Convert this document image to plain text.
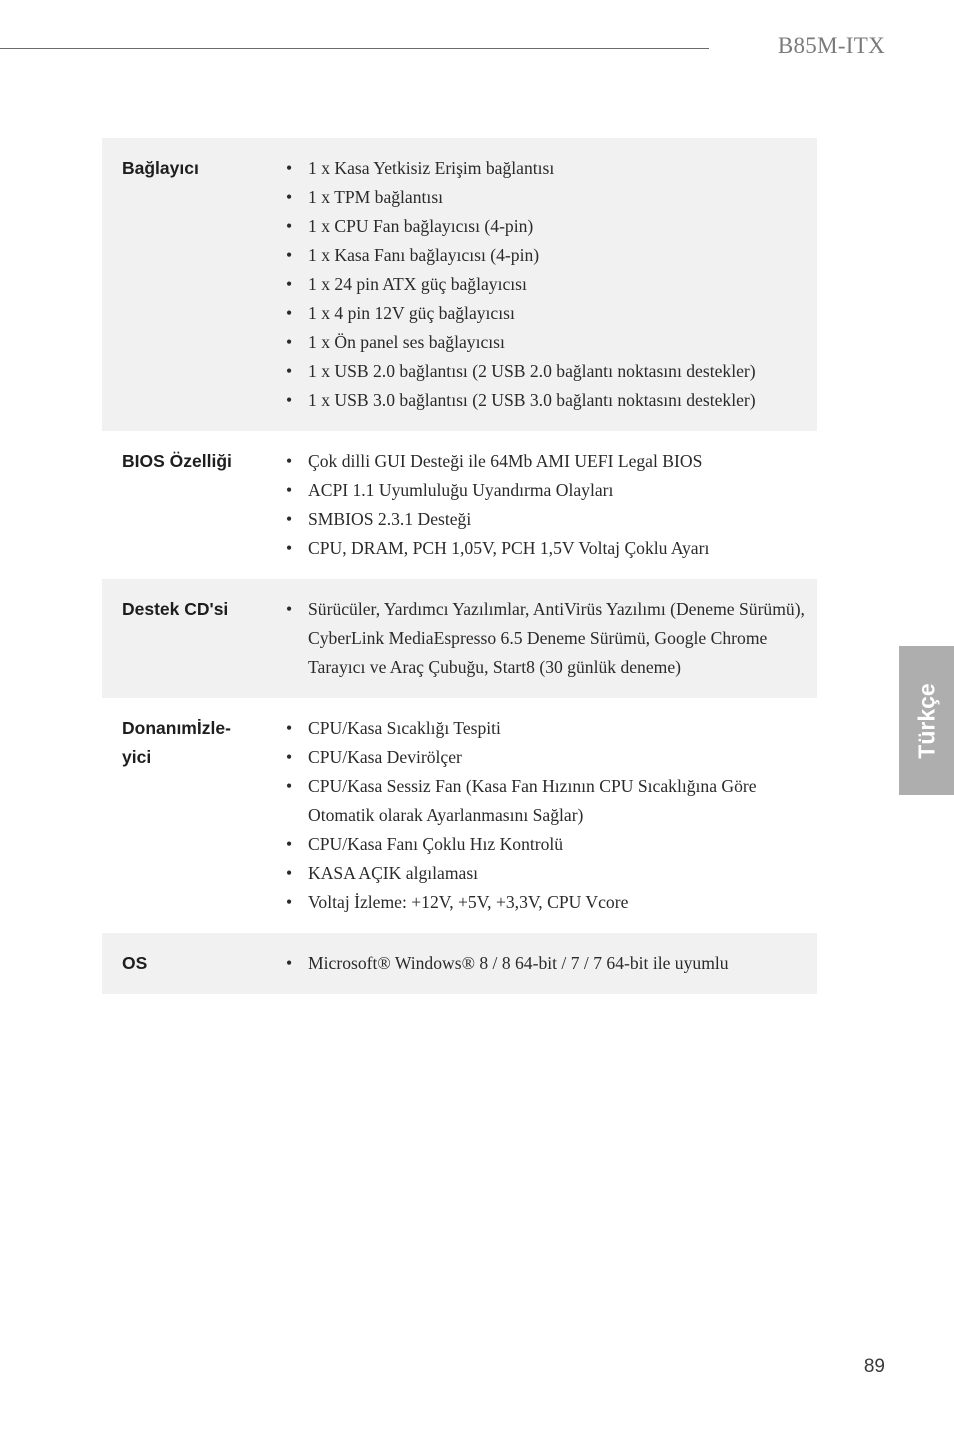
B85M-ITX
Bağlayıcı	• 1 x Kasa Yetkisiz Erişim bağlantısı
• 1 x TPM bağlantısı
• 1 x CPU Fan bağlayıcısı (4-pin)
• 1 x Kasa Fanı bağlayıcısı (4-pin)
• 1 x 24 pin ATX güç bağlayıcısı
• 1 x 4 pin 12V güç bağlayıcısı
• 1 x Ön panel ses bağlayıcısı
• 1 x USB 2.0 bağlantısı (2 USB 2.0 bağlantı noktasını destekler)
• 1 x USB 3.0 bağlantısı (2 USB 3.0 bağlantı noktasını destekler)
BIOS Özelliği	• Çok dilli GUI Desteği ile 64Mb AMI UEFI Legal BIOS
• ACPI 1.1 Uyumluluğu Uyandırma Olayları
• SMBIOS 2.3.1 Desteği
• CPU, DRAM, PCH 1,05V, PCH 1,5V Voltaj Çoklu Ayarı
Destek CD'si	• Sürücüler, Yardımcı Yazılımlar, AntiVirüs Yazılımı (Deneme Sürümü), CyberLink MediaEspresso 6.5 Deneme Sürümü, Google Chrome Tarayıcı ve Araç Çubuğu, Start8 (30 günlük deneme)
Donanımİzle- yici
• CPU/Kasa Sıcaklığı Tespiti
• CPU/Kasa Devirölçer
• CPU/Kasa Sessiz Fan (Kasa Fan Hızının CPU Sıcaklığına Göre Otomatik olarak Ayarlanmasını Sağlar)
• CPU/Kasa Fanı Çoklu Hız Kontrolü
• KASA AÇIK algılaması
• Voltaj İzleme: +12V, +5V, +3,3V, CPU Vcore
OS	• Microsoft® Windows® 8 / 8 64-bit / 7 / 7 64-bit ile uyumlu
Türkçe
89
